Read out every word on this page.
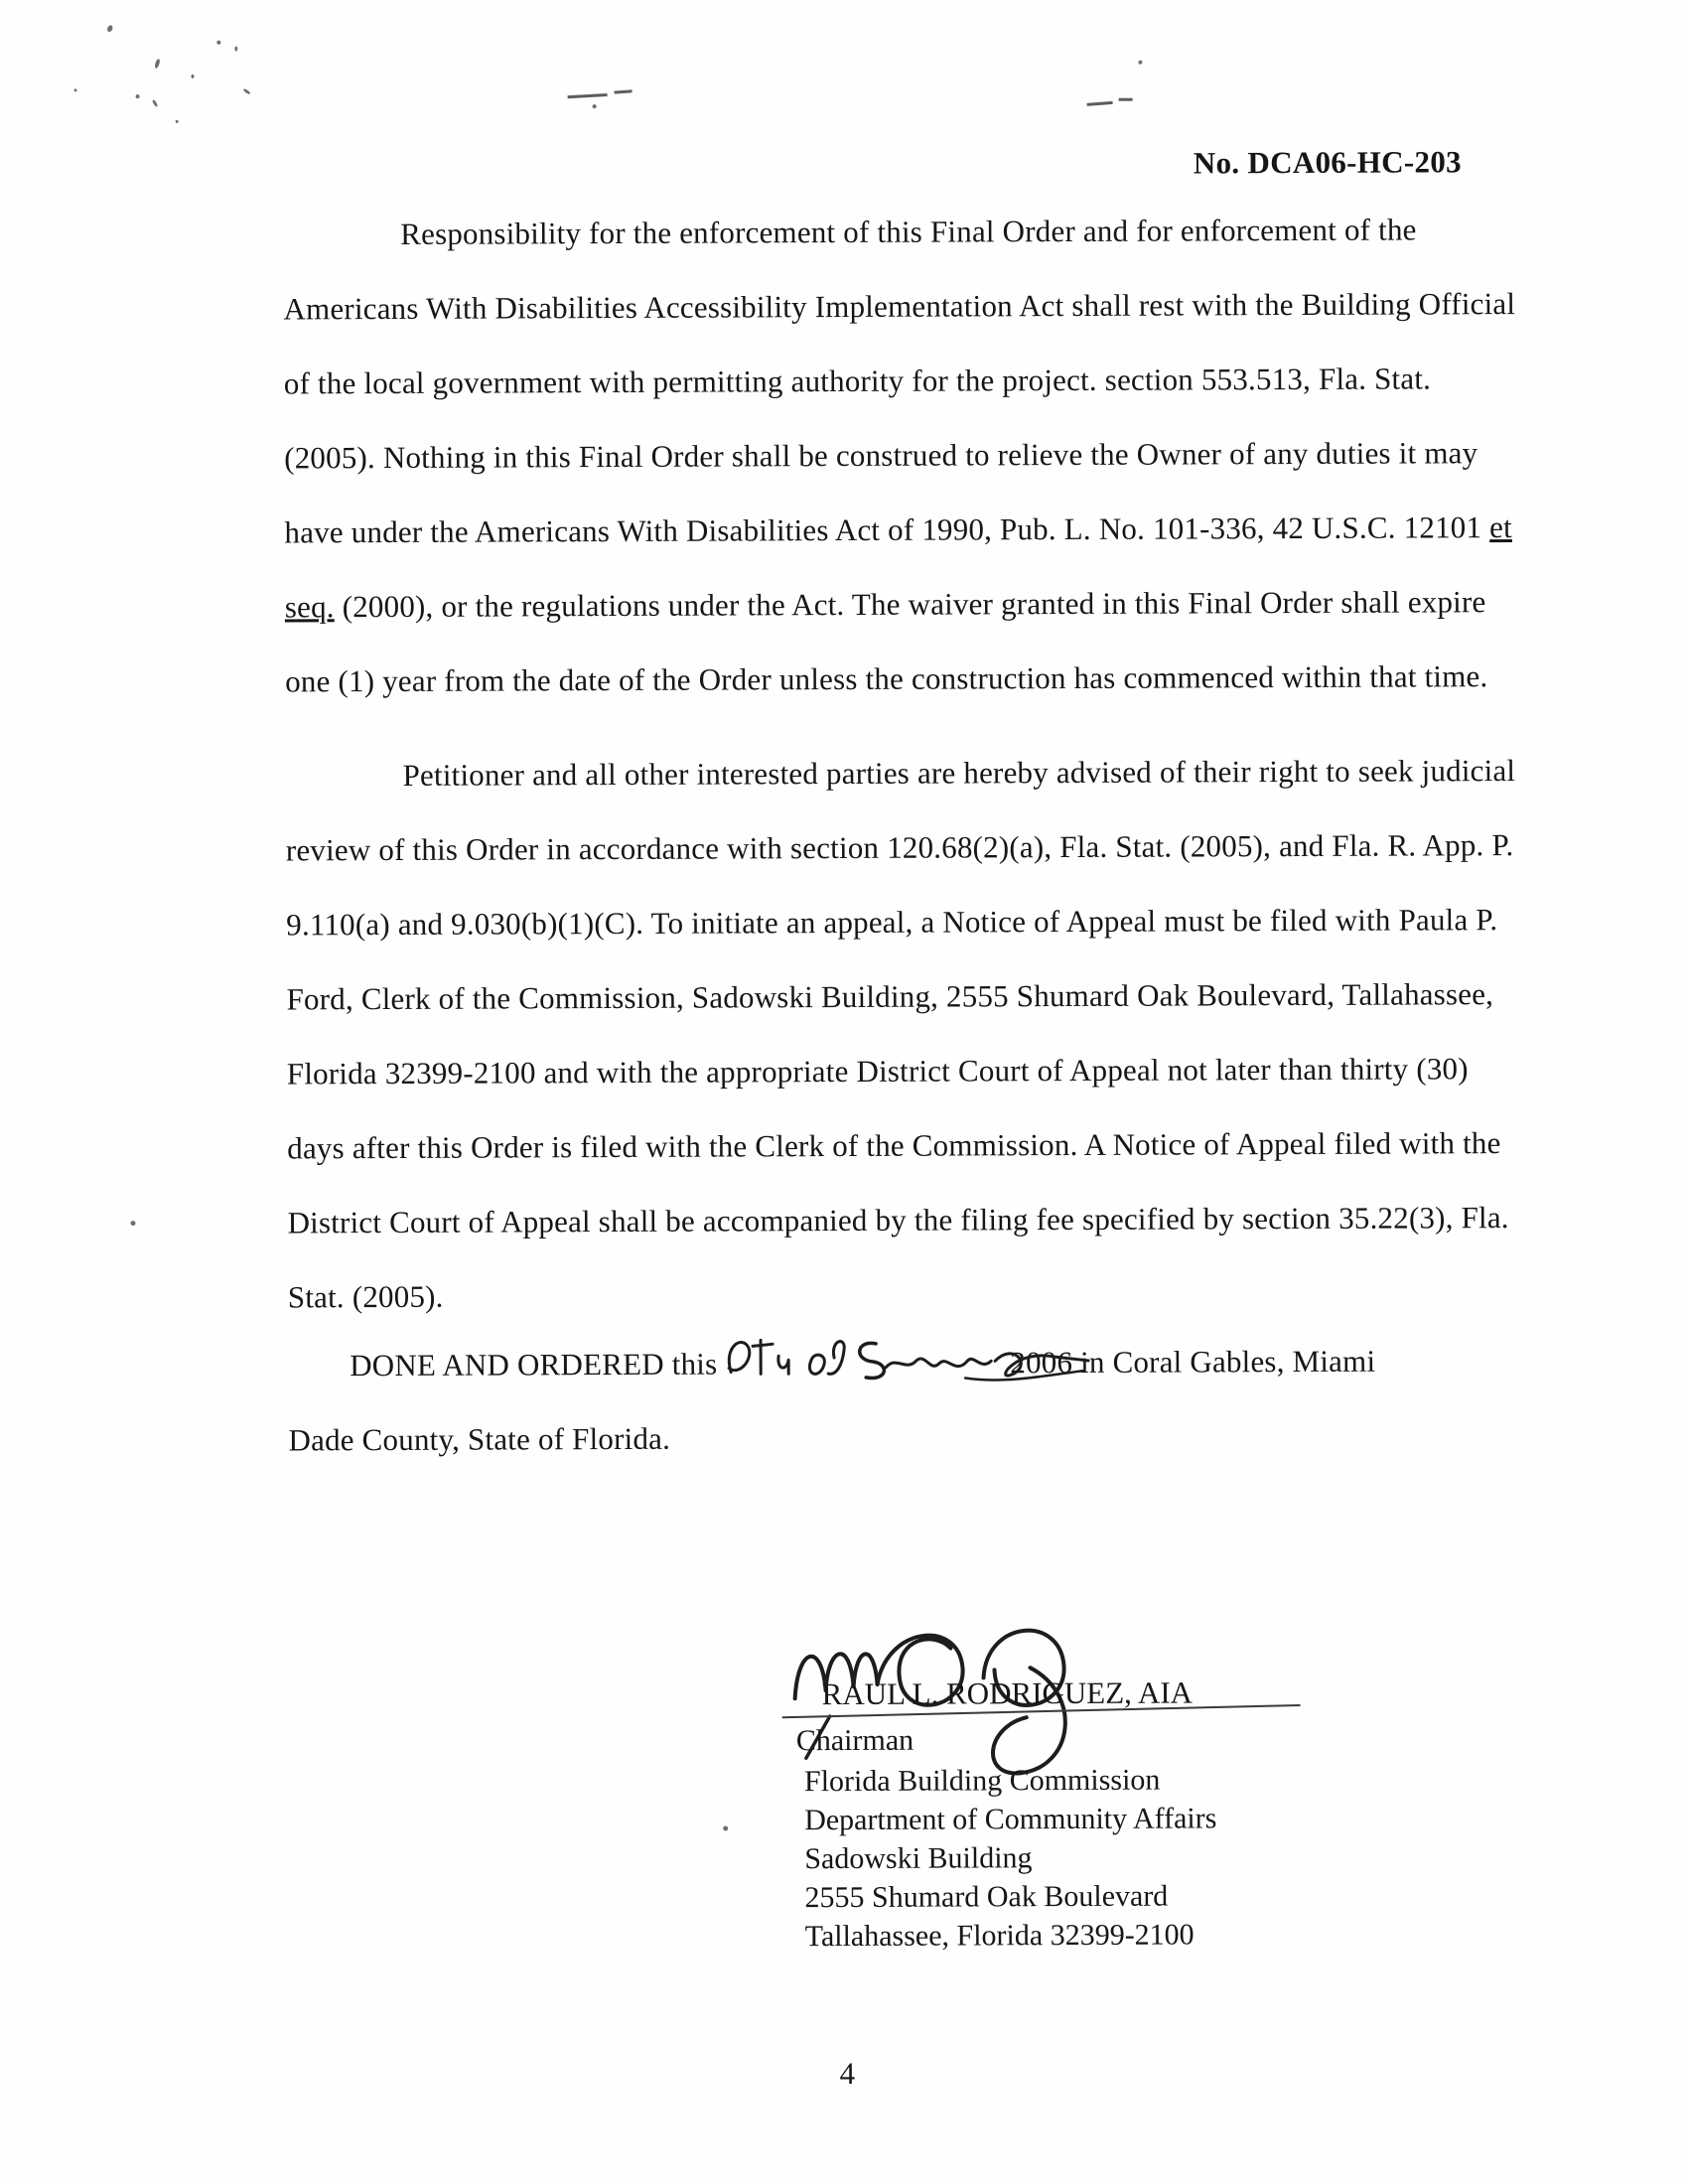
No. DCA06-HC-203

Responsibility for the enforcement of this Final Order and for enforcement of the Americans With Disabilities Accessibility Implementation Act shall rest with the Building Official of the local government with permitting authority for the project. section 553.513, Fla. Stat. (2005). Nothing in this Final Order shall be construed to relieve the Owner of any duties it may have under the Americans With Disabilities Act of 1990, Pub. L. No. 101-336, 42 U.S.C. 12101 et seq. (2000), or the regulations under the Act. The waiver granted in this Final Order shall expire one (1) year from the date of the Order unless the construction has commenced within that time.

Petitioner and all other interested parties are hereby advised of their right to seek judicial review of this Order in accordance with section 120.68(2)(a), Fla. Stat. (2005), and Fla. R. App. P. 9.110(a) and 9.030(b)(1)(C). To initiate an appeal, a Notice of Appeal must be filed with Paula P. Ford, Clerk of the Commission, Sadowski Building, 2555 Shumard Oak Boulevard, Tallahassee, Florida 32399-2100 and with the appropriate District Court of Appeal not later than thirty (30) days after this Order is filed with the Clerk of the Commission. A Notice of Appeal filed with the District Court of Appeal shall be accompanied by the filing fee specified by section 35.22(3), Fla. Stat. (2005).

DONE AND ORDERED this	2006 in Coral Gables, Miami
Dade County, State of Florida.
RAUL L. RODRIGUEZ, AIA
Chairman
Florida Building Commission
Department of Community Affairs
Sadowski Building
2555 Shumard Oak Boulevard
Tallahassee, Florida 32399-2100
4
